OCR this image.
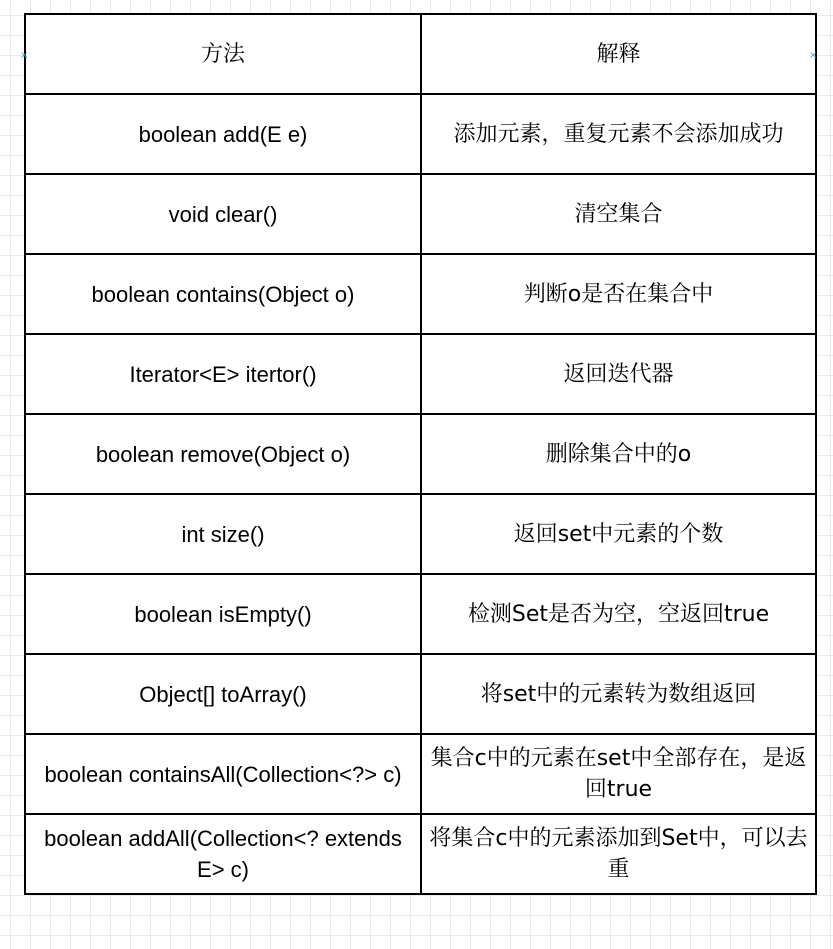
方法	解释
boolean add(E e)	添加元素，重复元素不会添加成功
void clear()	清空集合
boolean contains(Object o)	判断o是否在集合中
Iterator<E> itertor()	返回迭代器
boolean remove(Object o)	删除集合中的o
int size()	返回set中元素的个数
boolean isEmpty()	检测Set是否为空，空返回true
Object[] toArray()	将set中的元素转为数组返回
boolean containsAll(Collection<?> c)	集合c中的元素在set中全部存在，是返回true
boolean addAll(Collection<? extends E> c)	将集合c中的元素添加到Set中，可以去重
×	×
